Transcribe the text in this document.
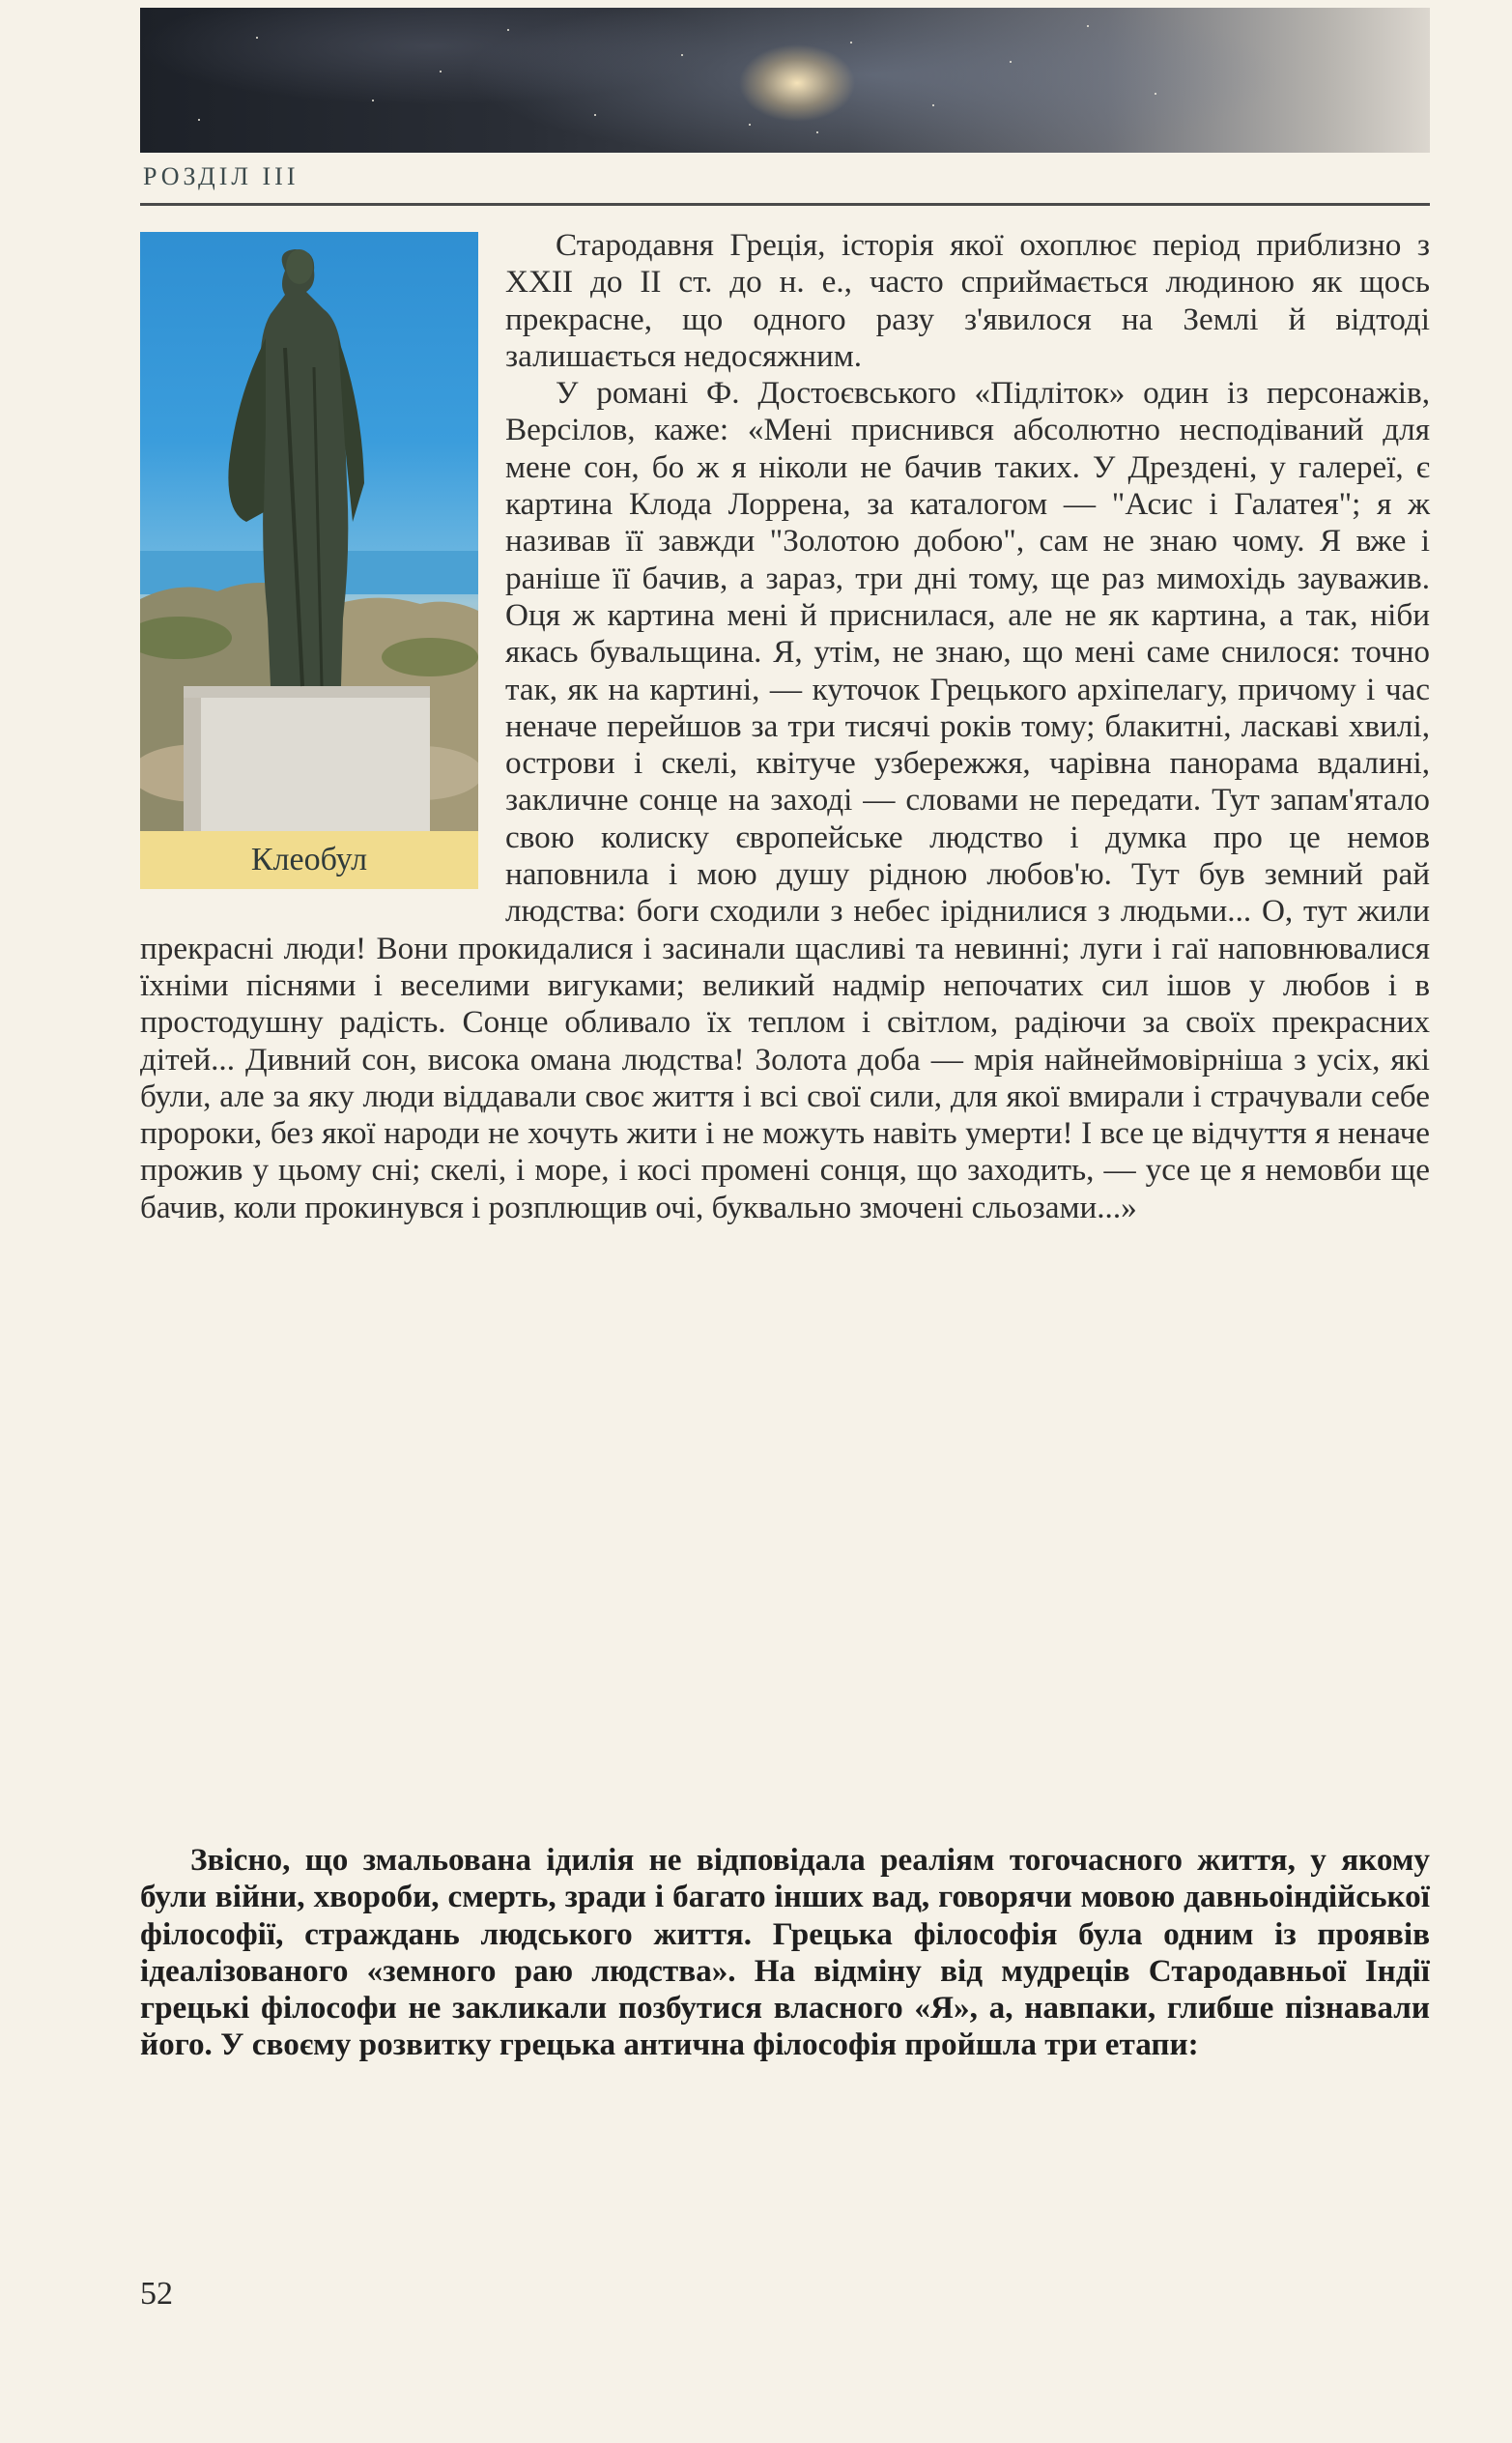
РОЗДІЛ III
Клеобул

Стародавня Греція, історія якої охоплює період приблизно з XXII до II ст. до н. е., часто сприймається людиною як щось прекрасне, що одного разу з'явилося на Землі й відтоді залишається недосяжним.

У романі Ф. Достоєвського «Підліток» один із персонажів, Версілов, каже: «Мені приснився абсолютно несподіваний для мене сон, бо ж я ніколи не бачив таких. У Дрездені, у галереї, є картина Клода Лоррена, за каталогом — "Асис і Галатея"; я ж називав її завжди "Золотою добою", сам не знаю чому. Я вже і раніше її бачив, а зараз, три дні тому, ще раз мимохідь зауважив. Оця ж картина мені й приснилася, але не як картина, а так, ніби якась бувальщина. Я, утім, не знаю, що мені саме снилося: точно так, як на картині, — куточок Грецького архіпелагу, причому і час неначе перейшов за три тисячі років тому; блакитні, ласкаві хвилі, острови і скелі, квітуче узбережжя, чарівна панорама вдалині, закличне сонце на заході — словами не передати. Тут запам'ятало свою колиску європейське людство і думка про це немов наповнила і мою душу рідною любов'ю. Тут був земний рай людства: боги сходили з небес іріднилися з людьми... О, тут жили прекрасні люди! Вони прокидалися і засинали щасливі та невинні; луги і гаї наповнювалися їхніми піснями і веселими вигуками; великий надмір непочатих сил ішов у любов і в простодушну радість. Сонце обливало їх теплом і світлом, радіючи за своїх прекрасних дітей... Дивний сон, висока омана людства! Золота доба — мрія найнеймовірніша з усіх, які були, але за яку люди віддавали своє життя і всі свої сили, для якої вмирали і страчували себе пророки, без якої народи не хочуть жити і не можуть навіть умерти! І все це відчуття я неначе прожив у цьому сні; скелі, і море, і косі промені сонця, що заходить, — усе це я немовби ще бачив, коли прокинувся і розплющив очі, буквально змочені сльозами...»

Звісно, що змальована ідилія не відповідала реаліям тогочасного життя, у якому були війни, хвороби, смерть, зради і багато інших вад, говорячи мовою давньоіндійської філософії, страждань людського життя. Грецька філософія була одним із проявів ідеалізованого «земного раю людства». На відміну від мудреців Стародавньої Індії грецькі філософи не закликали позбутися власного «Я», а, навпаки, глибше пізнавали його. У своєму розвитку грецька антична філософія пройшла три етапи:

52
